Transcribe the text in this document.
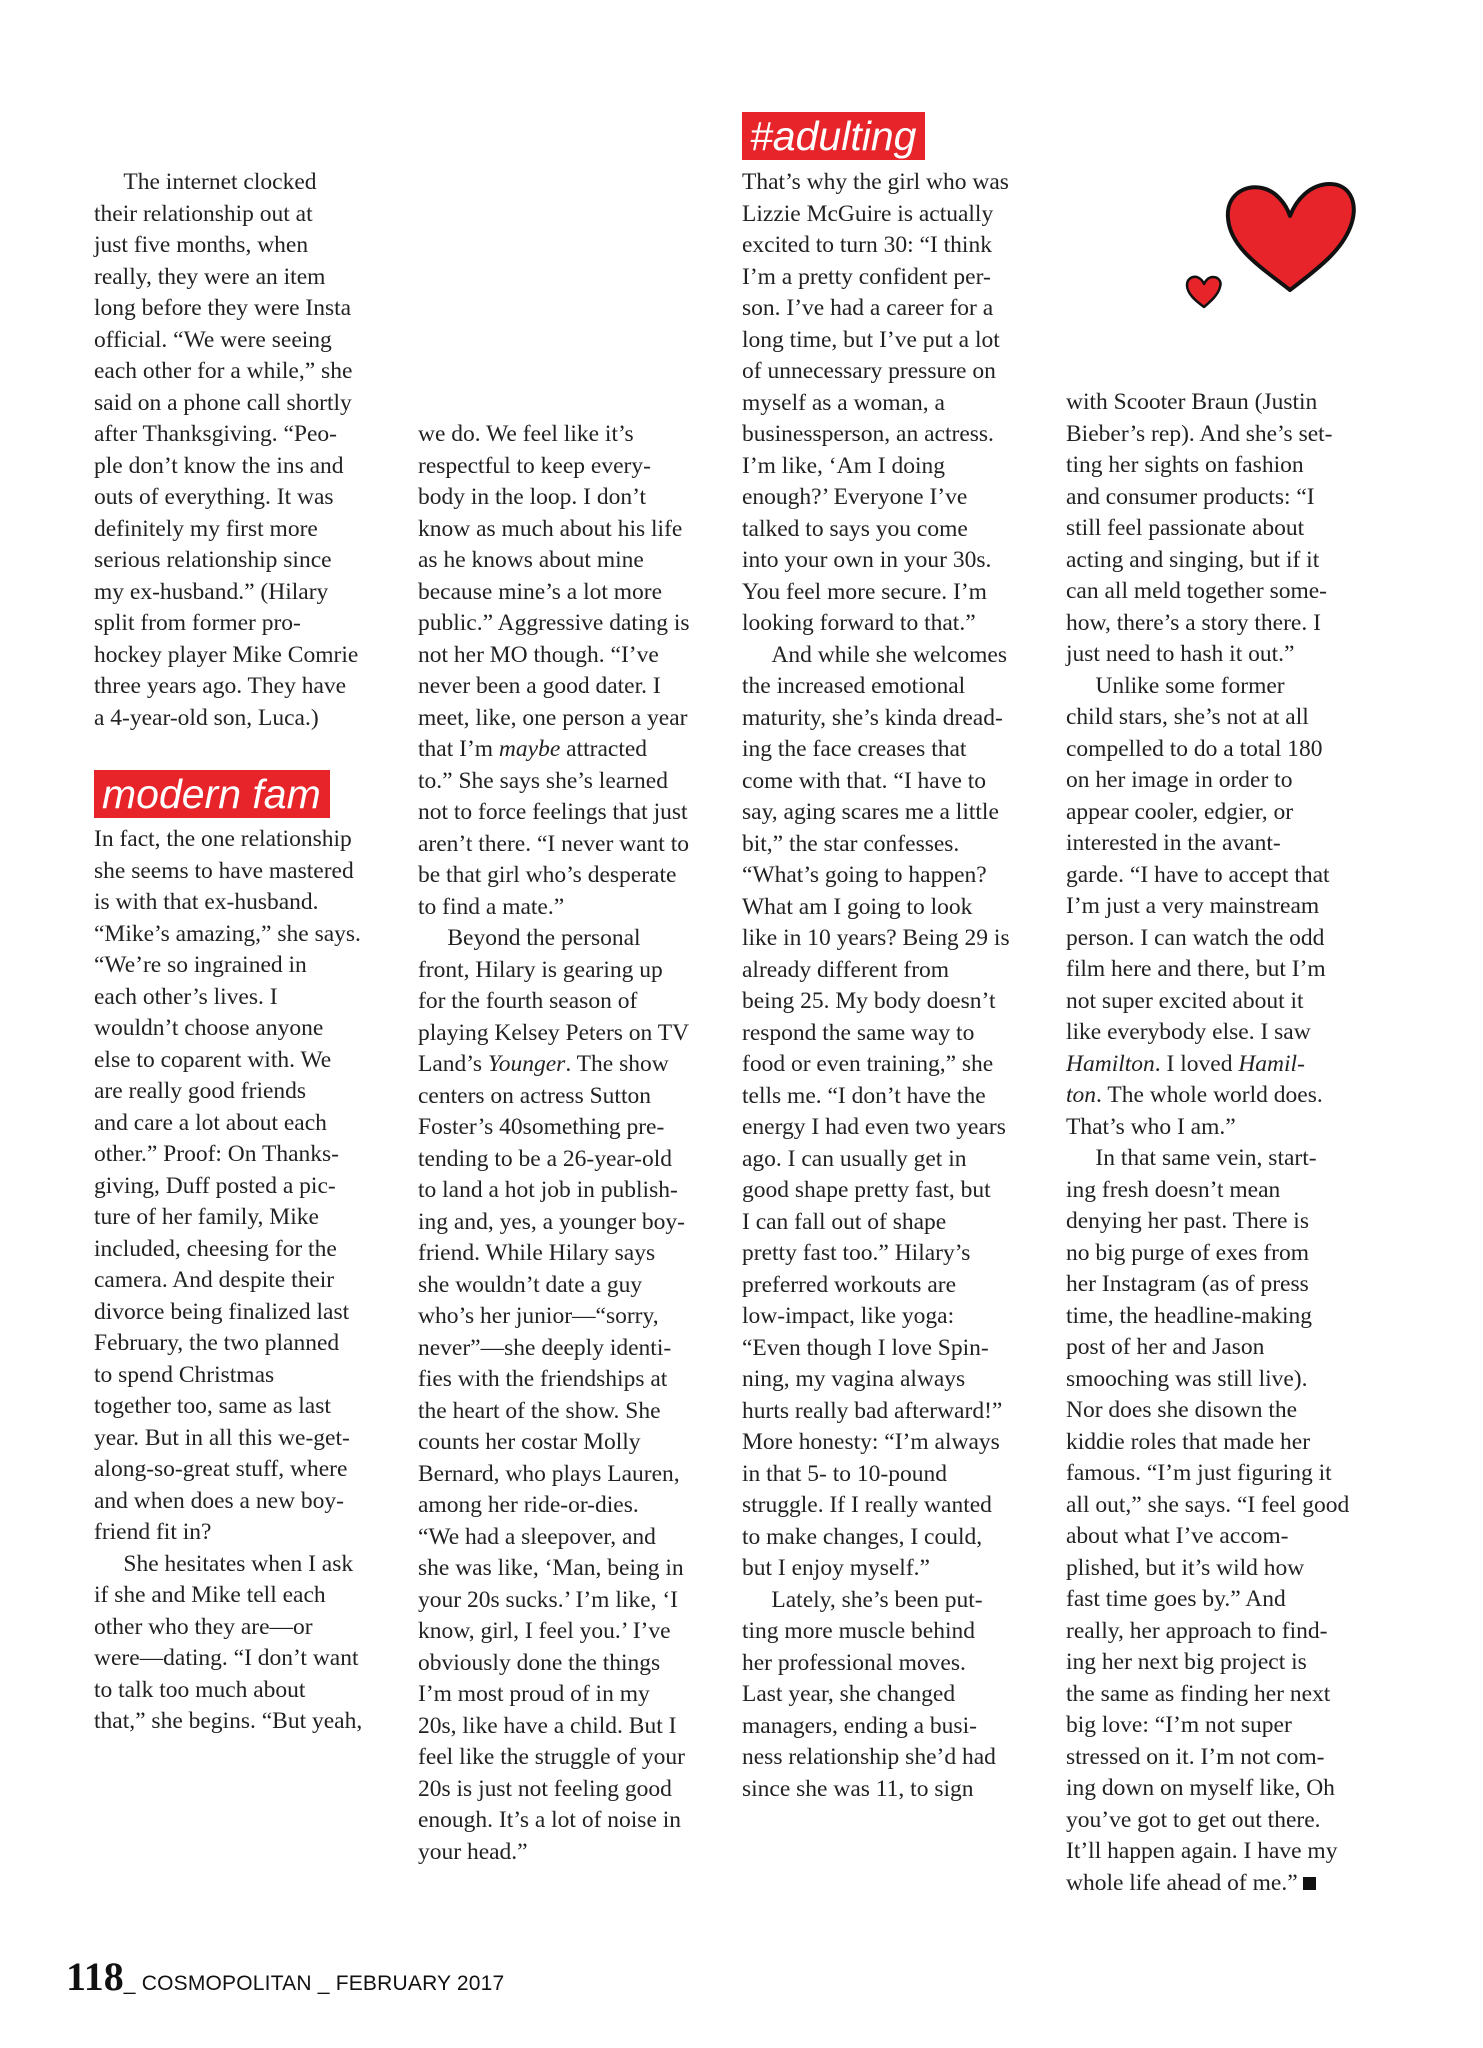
The internet clocked
their relationship out at
just five months, when
really, they were an item
long before they were Insta
official. “We were seeing
each other for a while,” she
said on a phone call shortly
after Thanksgiving. “Peo-
ple don’t know the ins and
outs of everything. It was
definitely my first more
serious relationship since
my ex-husband.” (Hilary
split from former pro-
hockey player Mike Comrie
three years ago. They have
a 4-year-old son, Luca.)

modern fam

In fact, the one relationship
she seems to have mastered
is with that ex-husband.
“Mike’s amazing,” she says.
“We’re so ingrained in
each other’s lives. I
wouldn’t choose anyone
else to coparent with. We
are really good friends
and care a lot about each
other.” Proof: On Thanks-
giving, Duff posted a pic-
ture of her family, Mike
included, cheesing for the
camera. And despite their
divorce being finalized last
February, the two planned
to spend Christmas
together too, same as last
year. But in all this we-get-
along-so-great stuff, where
and when does a new boy-
friend fit in?

She hesitates when I ask
if she and Mike tell each
other who they are—or
were—dating. “I don’t want
to talk too much about
that,” she begins. “But yeah,

we do. We feel like it’s
respectful to keep every-
body in the loop. I don’t
know as much about his life
as he knows about mine
because mine’s a lot more
public.” Aggressive dating is
not her MO though. “I’ve
never been a good dater. I
meet, like, one person a year
that I’m maybe attracted
to.” She says she’s learned
not to force feelings that just
aren’t there. “I never want to
be that girl who’s desperate
to find a mate.”

Beyond the personal
front, Hilary is gearing up
for the fourth season of
playing Kelsey Peters on TV
Land’s Younger. The show
centers on actress Sutton
Foster’s 40something pre-
tending to be a 26-year-old
to land a hot job in publish-
ing and, yes, a younger boy-
friend. While Hilary says
she wouldn’t date a guy
who’s her junior—“sorry,
never”—she deeply identi-
fies with the friendships at
the heart of the show. She
counts her costar Molly
Bernard, who plays Lauren,
among her ride-or-dies.
“We had a sleepover, and
she was like, ‘Man, being in
your 20s sucks.’ I’m like, ‘I
know, girl, I feel you.’ I’ve
obviously done the things
I’m most proud of in my
20s, like have a child. But I
feel like the struggle of your
20s is just not feeling good
enough. It’s a lot of noise in
your head.”

#adulting

That’s why the girl who was
Lizzie McGuire is actually
excited to turn 30: “I think
I’m a pretty confident per-
son. I’ve had a career for a
long time, but I’ve put a lot
of unnecessary pressure on
myself as a woman, a
businessperson, an actress.
I’m like, ‘Am I doing
enough?’ Everyone I’ve
talked to says you come
into your own in your 30s.
You feel more secure. I’m
looking forward to that.”

And while she welcomes
the increased emotional
maturity, she’s kinda dread-
ing the face creases that
come with that. “I have to
say, aging scares me a little
bit,” the star confesses.
“What’s going to happen?
What am I going to look
like in 10 years? Being 29 is
already different from
being 25. My body doesn’t
respond the same way to
food or even training,” she
tells me. “I don’t have the
energy I had even two years
ago. I can usually get in
good shape pretty fast, but
I can fall out of shape
pretty fast too.” Hilary’s
preferred workouts are
low-impact, like yoga:
“Even though I love Spin-
ning, my vagina always
hurts really bad afterward!”
More honesty: “I’m always
in that 5- to 10-pound
struggle. If I really wanted
to make changes, I could,
but I enjoy myself.”

Lately, she’s been put-
ting more muscle behind
her professional moves.
Last year, she changed
managers, ending a busi-
ness relationship she’d had
since she was 11, to sign

with Scooter Braun (Justin
Bieber’s rep). And she’s set-
ting her sights on fashion
and consumer products: “I
still feel passionate about
acting and singing, but if it
can all meld together some-
how, there’s a story there. I
just need to hash it out.”

Unlike some former
child stars, she’s not at all
compelled to do a total 180
on her image in order to
appear cooler, edgier, or
interested in the avant-
garde. “I have to accept that
I’m just a very mainstream
person. I can watch the odd
film here and there, but I’m
not super excited about it
like everybody else. I saw
Hamilton. I loved Hamil-
ton. The whole world does.
That’s who I am.”

In that same vein, start-
ing fresh doesn’t mean
denying her past. There is
no big purge of exes from
her Instagram (as of press
time, the headline-making
post of her and Jason
smooching was still live).
Nor does she disown the
kiddie roles that made her
famous. “I’m just figuring it
all out,” she says. “I feel good
about what I’ve accom-
plished, but it’s wild how
fast time goes by.” And
really, her approach to find-
ing her next big project is
the same as finding her next
big love: “I’m not super
stressed on it. I’m not com-
ing down on myself like, Oh
you’ve got to get out there.
It’ll happen again. I have my
whole life ahead of me.”

118_ COSMOPOLITAN _ FEBRUARY 2017
